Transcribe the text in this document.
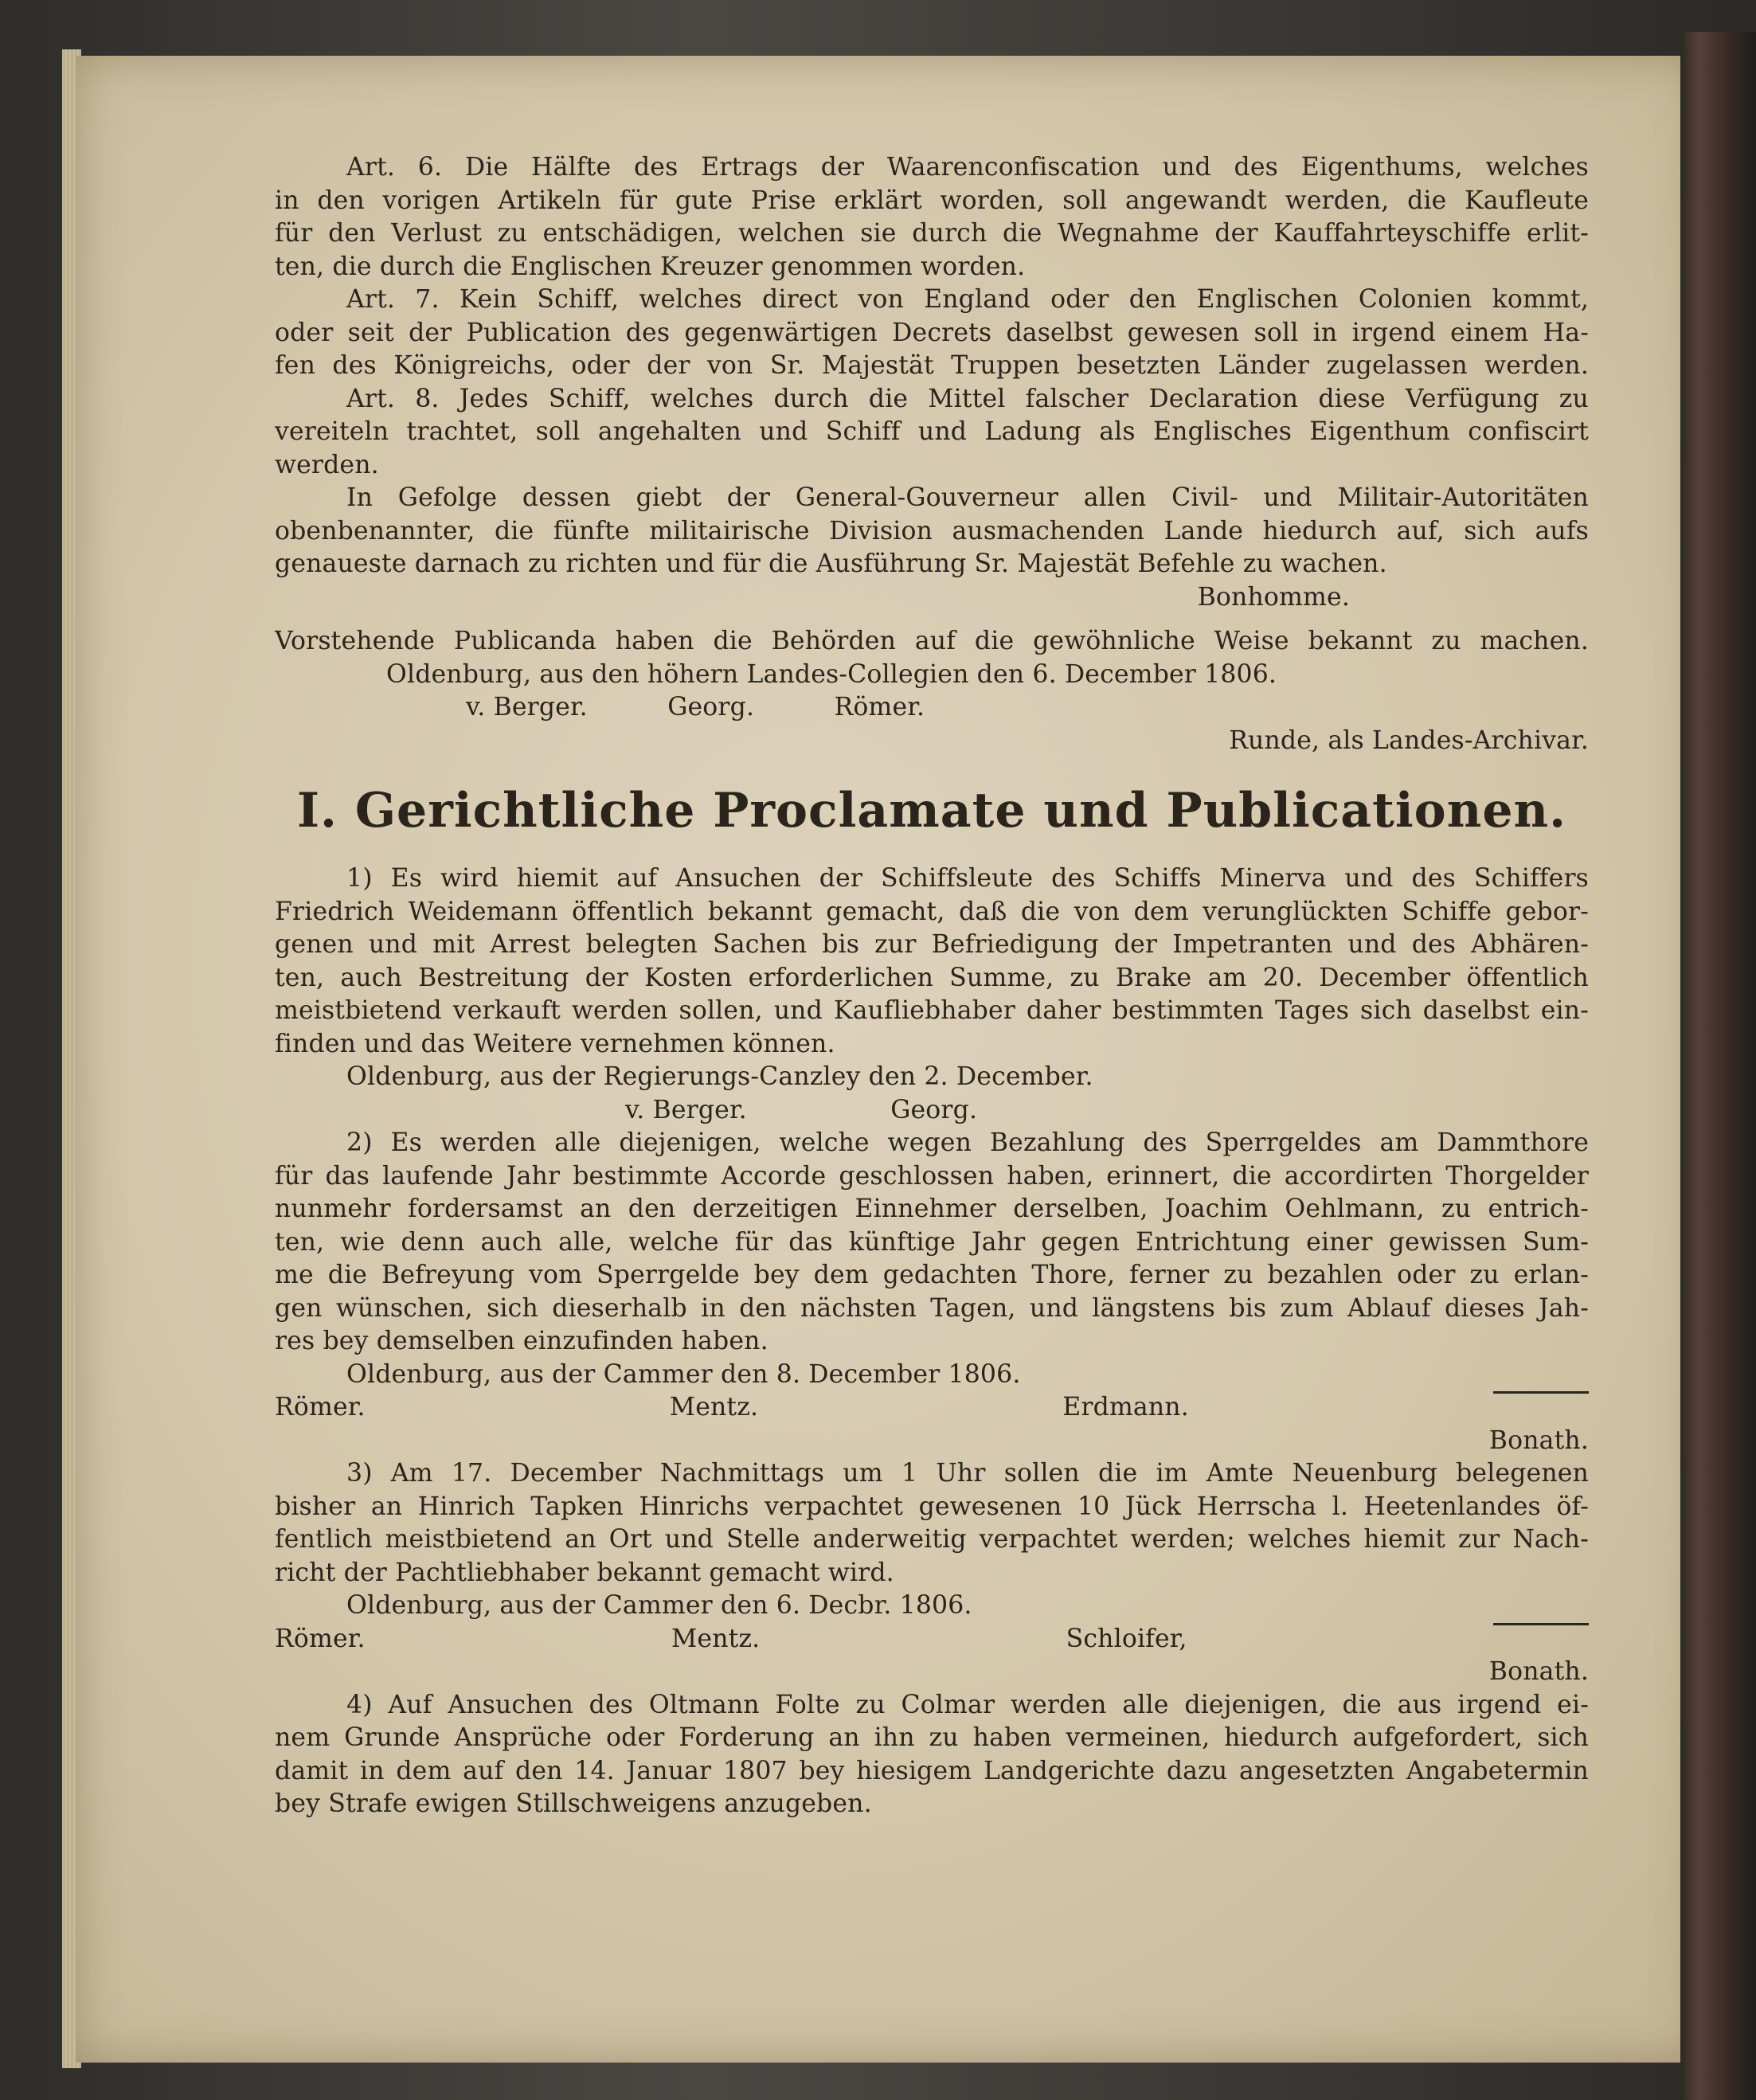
Art. 6. Die Hälfte des Ertrags der Waarenconfiscation und des Eigenthums, welches
in den vorigen Artikeln für gute Prise erklärt worden, soll angewandt werden, die Kaufleute
für den Verlust zu entschädigen, welchen sie durch die Wegnahme der Kauffahrteyschiffe erlit-
ten, die durch die Englischen Kreuzer genommen worden.
Art. 7. Kein Schiff, welches direct von England oder den Englischen Colonien kommt,
oder seit der Publication des gegenwärtigen Decrets daselbst gewesen soll in irgend einem Ha-
fen des Königreichs, oder der von Sr. Majestät Truppen besetzten Länder zugelassen werden.
Art. 8. Jedes Schiff, welches durch die Mittel falscher Declaration diese Verfügung zu
vereiteln trachtet, soll angehalten und Schiff und Ladung als Englisches Eigenthum confiscirt
werden.
In Gefolge dessen giebt der General-Gouverneur allen Civil- und Militair-Autoritäten
obenbenannter, die fünfte militairische Division ausmachenden Lande hiedurch auf, sich aufs
genaueste darnach zu richten und für die Ausführung Sr. Majestät Befehle zu wachen.
Bonhomme.
Vorstehende Publicanda haben die Behörden auf die gewöhnliche Weise bekannt zu machen.
Oldenburg, aus den höhern Landes-Collegien den 6. December 1806.
v. Berger.	Georg.	Römer.
Runde, als Landes-Archivar.
I. Gerichtliche Proclamate und Publicationen.
1) Es wird hiemit auf Ansuchen der Schiffsleute des Schiffs Minerva und des Schiffers
Friedrich Weidemann öffentlich bekannt gemacht, daß die von dem verunglückten Schiffe gebor-
genen und mit Arrest belegten Sachen bis zur Befriedigung der Impetranten und des Abhären-
ten, auch Bestreitung der Kosten erforderlichen Summe, zu Brake am 20. December öffentlich
meistbietend verkauft werden sollen, und Kaufliebhaber daher bestimmten Tages sich daselbst ein-
finden und das Weitere vernehmen können.
Oldenburg, aus der Regierungs-Canzley den 2. December.
v. Berger.	Georg.
2) Es werden alle diejenigen, welche wegen Bezahlung des Sperrgeldes am Dammthore
für das laufende Jahr bestimmte Accorde geschlossen haben, erinnert, die accordirten Thorgelder
nunmehr fordersamst an den derzeitigen Einnehmer derselben, Joachim Oehlmann, zu entrich-
ten, wie denn auch alle, welche für das künftige Jahr gegen Entrichtung einer gewissen Sum-
me die Befreyung vom Sperrgelde bey dem gedachten Thore, ferner zu bezahlen oder zu erlan-
gen wünschen, sich dieserhalb in den nächsten Tagen, und längstens bis zum Ablauf dieses Jah-
res bey demselben einzufinden haben.
Oldenburg, aus der Cammer den 8. December 1806.
Römer.	Mentz.	Erdmann.
Bonath.
3) Am 17. December Nachmittags um 1 Uhr sollen die im Amte Neuenburg belegenen
bisher an Hinrich Tapken Hinrichs verpachtet gewesenen 10 Jück Herrscha l. Heetenlandes öf-
fentlich meistbietend an Ort und Stelle anderweitig verpachtet werden; welches hiemit zur Nach-
richt der Pachtliebhaber bekannt gemacht wird.
Oldenburg, aus der Cammer den 6. Decbr. 1806.
Römer.	Mentz.	Schloifer,
Bonath.
4) Auf Ansuchen des Oltmann Folte zu Colmar werden alle diejenigen, die aus irgend ei-
nem Grunde Ansprüche oder Forderung an ihn zu haben vermeinen, hiedurch aufgefordert, sich
damit in dem auf den 14. Januar 1807 bey hiesigem Landgerichte dazu angesetzten Angabetermin
bey Strafe ewigen Stillschweigens anzugeben.
